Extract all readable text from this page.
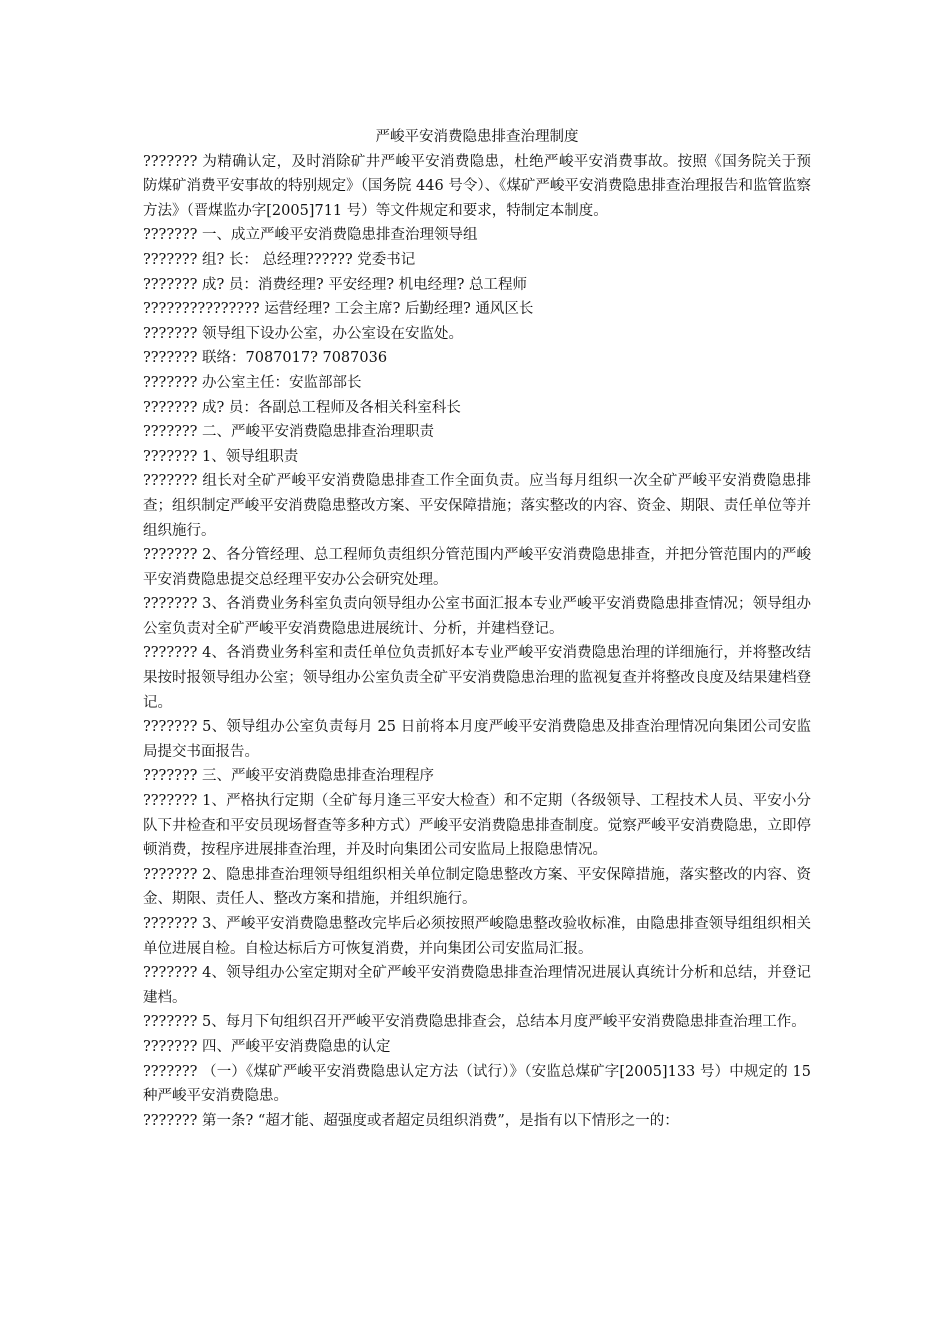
严峻平安消费隐患排查治理制度

??????? 为精确认定，及时消除矿井严峻平安消费隐患，杜绝严峻平安消费事故。按照《国务院关于预防煤矿消费平安事故的特别规定》（国务院 446 号令）、《煤矿严峻平安消费隐患排查治理报告和监管监察方法》（晋煤监办字[2005]711 号）等文件规定和要求，特制定本制度。

??????? 一、成立严峻平安消费隐患排查治理领导组

??????? 组? 长： 总经理?????? 党委书记

??????? 成? 员：消费经理? 平安经理? 机电经理? 总工程师

??????????????? 运营经理? 工会主席? 后勤经理? 通风区长

??????? 领导组下设办公室，办公室设在安监处。

??????? 联络：7087017? 7087036

??????? 办公室主任：安监部部长

??????? 成? 员：各副总工程师及各相关科室科长

??????? 二、严峻平安消费隐患排查治理职责

??????? 1、领导组职责

??????? 组长对全矿严峻平安消费隐患排查工作全面负责。应当每月组织一次全矿严峻平安消费隐患排查；组织制定严峻平安消费隐患整改方案、平安保障措施；落实整改的内容、资金、期限、责任单位等并组织施行。

??????? 2、各分管经理、总工程师负责组织分管范围内严峻平安消费隐患排查，并把分管范围内的严峻平安消费隐患提交总经理平安办公会研究处理。

??????? 3、各消费业务科室负责向领导组办公室书面汇报本专业严峻平安消费隐患排查情况；领导组办公室负责对全矿严峻平安消费隐患进展统计、分析，并建档登记。

??????? 4、各消费业务科室和责任单位负责抓好本专业严峻平安消费隐患治理的详细施行，并将整改结果按时报领导组办公室；领导组办公室负责全矿平安消费隐患治理的监视复查并将整改良度及结果建档登记。

??????? 5、领导组办公室负责每月 25 日前将本月度严峻平安消费隐患及排查治理情况向集团公司安监局提交书面报告。

??????? 三、严峻平安消费隐患排查治理程序

??????? 1、严格执行定期（全矿每月逢三平安大检查）和不定期（各级领导、工程技术人员、平安小分队下井检查和平安员现场督查等多种方式）严峻平安消费隐患排查制度。觉察严峻平安消费隐患，立即停顿消费，按程序进展排查治理，并及时向集团公司安监局上报隐患情况。

??????? 2、隐患排查治理领导组组织相关单位制定隐患整改方案、平安保障措施，落实整改的内容、资金、期限、责任人、整改方案和措施，并组织施行。

??????? 3、严峻平安消费隐患整改完毕后必须按照严峻隐患整改验收标准，由隐患排查领导组组织相关单位进展自检。自检达标后方可恢复消费，并向集团公司安监局汇报。

??????? 4、领导组办公室定期对全矿严峻平安消费隐患排查治理情况进展认真统计分析和总结，并登记建档。

??????? 5、每月下旬组织召开严峻平安消费隐患排查会，总结本月度严峻平安消费隐患排查治理工作。

??????? 四、严峻平安消费隐患的认定

??????? （一）《煤矿严峻平安消费隐患认定方法（试行）》（安监总煤矿字[2005]133 号）中规定的 15 种严峻平安消费隐患。

??????? 第一条? “超才能、超强度或者超定员组织消费”，是指有以下情形之一的：
